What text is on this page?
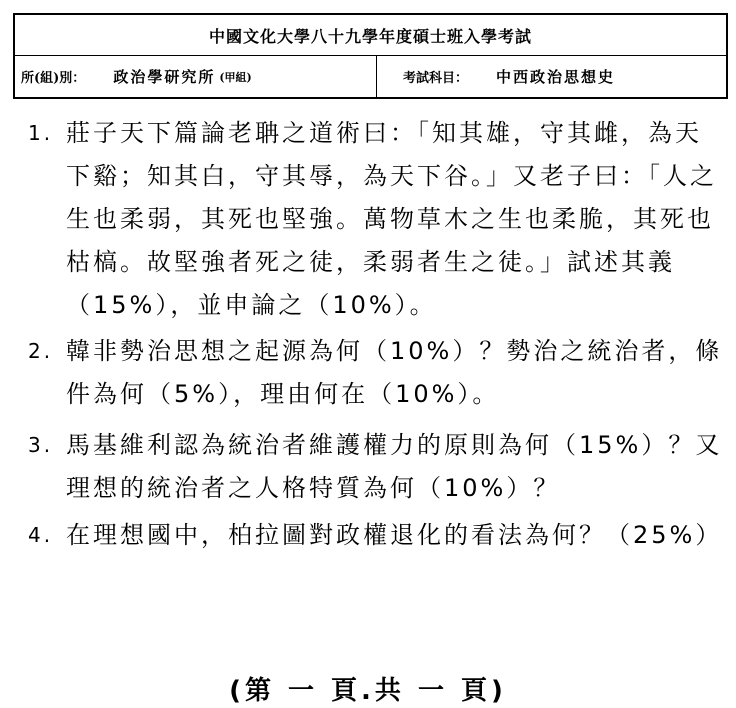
中國文化大學八十九學年度碩士班入學考試
所(組)別： 政治學研究所 (甲組)	考試科目： 中西政治思想史
1. 莊子天下篇論老聃之道術曰：「知其雄，守其雌，為天下谿；知其白，守其辱，為天下谷。」又老子曰：「人之生也柔弱，其死也堅強。萬物草木之生也柔脆，其死也枯槁。故堅強者死之徒，柔弱者生之徒。」試述其義（15%），並申論之（10%）。
2. 韓非勢治思想之起源為何（10%）？勢治之統治者，條件為何（5%），理由何在（10%）。
3. 馬基維利認為統治者維護權力的原則為何（15%）？又理想的統治者之人格特質為何（10%）？
4. 在理想國中，柏拉圖對政權退化的看法為何？（25%）
(第 一 頁.共 一 頁)
